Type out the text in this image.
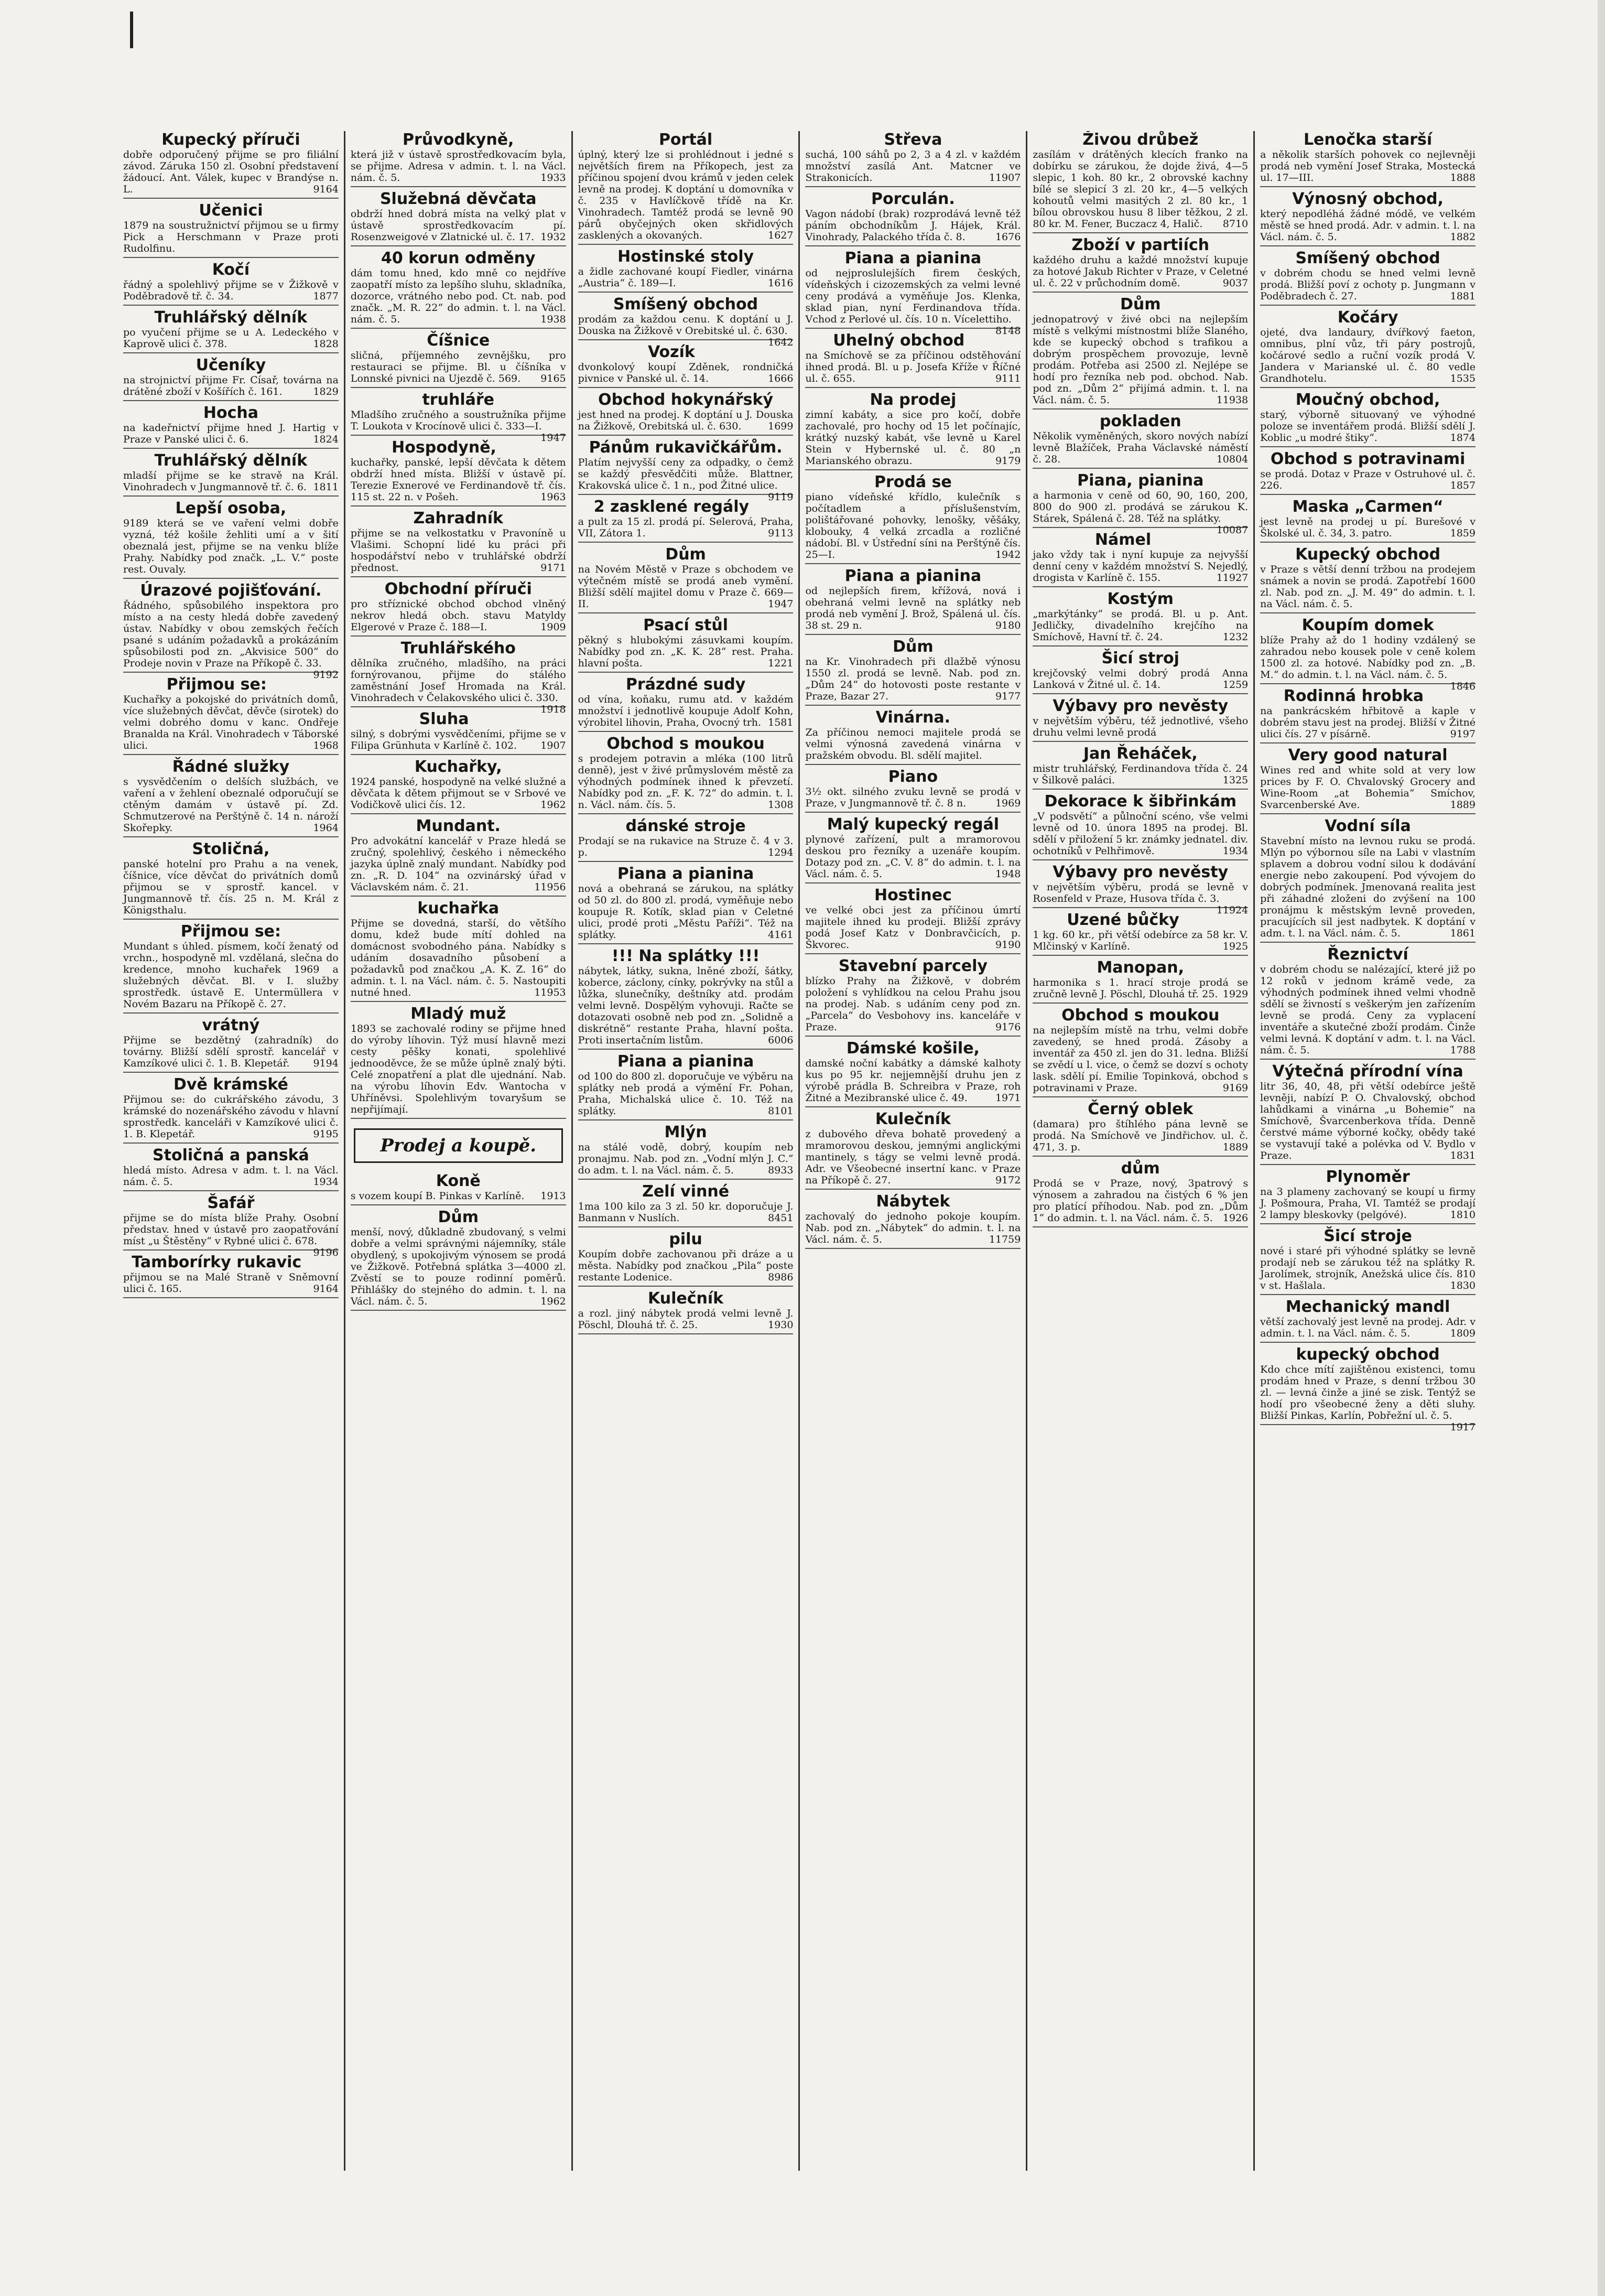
Kupecký příruči

dobře odporučený přijme se pro filiální závod. Záruka 150 zl. Osobní představení žádoucí. Ant. Válek, kupec v Brandýse n. L.	9164

Učenici

1879 na soustružnictví přijmou se u firmy Pick a Herschmann v Praze proti Rudolfinu.

Kočí

řádný a spolehlivý přijme se v Žižkově v Poděbradově tř. č. 34.	1877

Truhlářský dělník

po vyučení přijme se u A. Ledeckého v Kaprově ulici č. 378.	1828

Učeníky

na strojnictví přijme Fr. Císař, továrna na drátěné zboží v Košířích č. 161.	1829

Hocha

na kadeřnictví přijme hned J. Hartig v Praze v Panské ulici č. 6.	1824

Truhlářský dělník

mladší přijme se ke stravě na Král. Vinohradech v Jungmannově tř. č. 6. 1811

Lepší osoba,

9189 která se ve vaření velmi dobře vyzná, též košile žehliti umí a v šití obeznalá jest, přijme se na venku blíže Prahy. Nabídky pod značk. „L. V.“ poste rest. Ouvaly.

Úrazové pojišťování.

Řádného, spůsobilého inspektora pro místo a na cesty hledá dobře zavedený ústav. Nabídky v obou zemských řečích psané s udáním požadavků a prokázáním spůsobilosti pod zn. „Akvisice 500“ do Prodeje novin v Praze na Příkopě č. 33.
9192

Přijmou se:

Kuchařky a pokojské do privátních domů, více služebných děvčat, děvče (sirotek) do velmi dobrého domu v kanc. Ondřeje Branalda na Král. Vinohradech v Táborské ulici.	1968

Řádné služky

s vysvědčením o delších službách, ve vaření a v žehlení obeznalé odporučují se ctěným damám v ústavě pí. Zd. Schmutzerové na Perštýně č. 14 n. nároží Skořepky.	1964

Stoličná,

panské hotelní pro Prahu a na venek, číšnice, více děvčat do privátních domů přijmou se v sprostř. kancel. v Jungmannově tř. čís. 25 n. M. Král z Königsthalu.

Přijmou se:

Mundant s úhled. písmem, kočí ženatý od vrchn., hospodyně ml. vzdělaná, slečna do kredence, mnoho kuchařek 1969 a služebných děvčat. Bl. v I. služby sprostředk. ústavě E. Untermüllera v Novém Bazaru na Příkopě č. 27.

vrátný

Přijme se bezdětný (zahradník) do továrny. Bližší sdělí sprostř. kancelář v Kamzíkové ulici č. 1. B. Klepetář.	9194

Dvě krámské

Přijmou se: do cukrářského závodu, 3 krámské do nozenářského závodu v hlavní sprostředk. kanceláři v Kamzíkové ulici č. 1. B. Klepetář.	9195

Stoličná a panská

hledá místo. Adresa v adm. t. l. na Václ. nám. č. 5.	1934

Šafář

přijme se do místa blíže Prahy. Osobní představ. hned v ústavě pro zaopatřování míst „u Štěstěny“ v Rybné ulici č. 678.
9196

Tamborírky rukavic

přijmou se na Malé Straně v Sněmovní ulici č. 165.	9164

Průvodkyně,

která již v ústavě sprostředkovacím byla, se přijme. Adresa v admin. t. l. na Václ. nám. č. 5.	1933

Služebná děvčata

obdrží hned dobrá místa na velký plat v ústavě sprostředkovacím pí. Rosenzweigové v Zlatnické ul. č. 17. 1932

40 korun odměny

dám tomu hned, kdo mně co nejdříve zaopatří místo za lepšího sluhu, skladníka, dozorce, vrátného nebo pod. Ct. nab. pod značk. „M. R. 22“ do admin. t. l. na Václ. nám. č. 5.	1938

Číšnice

sličná, příjemného zevnějšku, pro restauraci se přijme. Bl. u číšníka v Lonnské pivnici na Ujezdě č. 569.	9165

truhláře

Mladšího zručného a soustružníka přijme T. Loukota v Krocínově ulici č. 333—I.
1947

Hospodyně,

kuchařky, panské, lepší děvčata k dětem obdrží hned místa. Bližší v ústavě pí. Terezie Exnerové ve Ferdinandově tř. čís. 115 st. 22 n. v Pošeh.	1963

Zahradník

přijme se na velkostatku v Pravoníně u Vlašimi. Schopní lidé ku práci při hospodářství nebo v truhlářské obdrží přednost.	9171

Obchodní příruči

pro stříznické obchod obchod vlněný nekrov hledá obch. stavu Matyldy Elgerové v Praze č. 188—I.	1909

Truhlářského

dělníka zručného, mladšího, na práci fornýrovanou, přijme do stálého zaměstnání Josef Hromada na Král. Vinohradech v Čelakovského ulici č. 330.
1918

Sluha

silný, s dobrými vysvědčeními, přijme se v Filipa Grünhuta v Karlíně č. 102.	1907

Kuchařky,

1924 panské, hospodyně na velké služné a děvčata k dětem přijmout se v Srbové ve Vodičkově ulici čís. 12.	1962

Mundant.

Pro advokátní kancelář v Praze hledá se zručný, spolehlivý, českého i německého jazyka úplně znalý mundant. Nabídky pod zn. „R. D. 104“ na ozvinárský úřad v Václavském nám. č. 21.	11956

kuchařka

Přijme se dovedná, starší, do většího domu, kdež bude mítí dohled na domácnost svobodného pána. Nabídky s udáním dosavadního působení a požadavků pod značkou „A. K. Z. 16“ do admin. t. l. na Václ. nám. č. 5. Nastoupiti nutné hned.	11953

Mladý muž

1893 se zachovalé rodiny se přijme hned do výroby líhovin. Týž musí hlavně mezi cesty pěšky konati, spolehlivé jednooděvce, že se může úplně znalý býti. Celé znopatření a plat dle ujednání. Nab. na výrobu líhovin Edv. Wantocha v Uhříněvsi. Spolehlivým tovaryšum se nepřijímají.

Prodej a koupě.

Koně

s vozem koupí B. Pinkas v Karlíně.	1913

Dům

menší, nový, důkladně zbudovaný, s velmi dobře a velmi správnými nájemníky, stále obydlený, s upokojivým výnosem se prodá ve Žižkově. Potřebná splátka 3—4000 zl. Zvěstí se to pouze rodinní poměrů. Přihlášky do stejného do admin. t. l. na Václ. nám. č. 5.	1962

Portál

úplný, který lze si prohlédnout i jedné s největších firem na Příkopech, jest za příčinou spojení dvou krámů v jeden celek levně na prodej. K doptání u domovníka v č. 235 v Havlíčkově třídě na Kr. Vinohradech. Tamtéž prodá se levně 90 párů obyčejných oken skřidlových zasklených a okovaných.	1627

Hostinské stoly

a židle zachované koupí Fiedler, vinárna „Austria“ č. 189—I.	1616

Smíšený obchod

prodám za každou cenu. K doptání u J. Douska na Žižkově v Orebitské ul. č. 630.
1642

Vozík

dvonkolový koupí Zděnek, rondničká pivnice v Panské ul. č. 14.	1666

Obchod hokynářský

jest hned na prodej. K doptání u J. Douska na Žižkově, Orebitská ul. č. 630.	1699

Pánům rukavičkářům.

Platím nejvyšší ceny za odpadky, o čemž se každý přesvědčiti může. Blattner, Krakovská ulice č. 1 n., pod Žitné ulice.
9119

2 zasklené regály

a pult za 15 zl. prodá pí. Selerová, Praha, VII, Zátora 1.	9113

Dům

na Novém Městě v Praze s obchodem ve výtečném místě se prodá aneb vymění. Bližší sdělí majitel domu v Praze č. 669—II.	1947

Psací stůl

pěkný s hlubokými zásuvkami koupím. Nabídky pod zn. „K. K. 28“ rest. Praha. hlavní pošta.	1221

Prázdné sudy

od vína, koňaku, rumu atd. v každém množství i jednotlivě koupuje Adolf Kohn, výrobitel lihovin, Praha, Ovocný trh. 1581

Obchod s moukou

s prodejem potravin a mléka (100 litrů denně), jest v živé průmyslovém městě za výhodných podmínek ihned k převzetí. Nabídky pod zn. „F. K. 72“ do admin. t. l. n. Václ. nám. čís. 5.	1308

dánské stroje

Prodají se na rukavice na Struze č. 4 v 3. p.	1294

Piana a pianina

nová a obehraná se zárukou, na splátky od 50 zl. do 800 zl. prodá, vyměňuje nebo koupuje R. Kotík, sklad pian v Celetné ulici, prodé proti „Městu Paříži“. Též na splátky.	4161

!!! Na splátky !!!

nábytek, látky, sukna, lněné zboží, šátky, koberce, záclony, cínky, pokrývky na stůl a lůžka, slunečníky, deštníky atd. prodám velmi levně. Dospělým vyhovuji. Račte se dotazovati osobně neb pod zn. „Solidně a diskrétně“ restante Praha, hlavní pošta. Proti insertačním listům.	6006

Piana a pianina

od 100 do 800 zl. doporučuje ve výběru na splátky neb prodá a výmění Fr. Pohan, Praha, Michalská ulice č. 10. Též na splátky.	8101

Mlýn

na stálé vodě, dobrý, koupím neb pronajmu. Nab. pod zn. „Vodní mlýn J. C.“ do adm. t. l. na Václ. nám. č. 5.	8933

Zelí vinné

1ma 100 kilo za 3 zl. 50 kr. doporučuje J. Banmann v Nuslích.	8451

pilu

Koupím dobře zachovanou při dráze a u města. Nabídky pod značkou „Pila“ poste restante Lodenice.	8986

Kulečník

a rozl. jiný nábytek prodá velmi levně J. Pöschl, Dlouhá tř. č. 25.	1930

Střeva

suchá, 100 sáhů po 2, 3 a 4 zl. v každém množství zasílá Ant. Matcner ve Strakonicích.	11907

Porculán.

Vagon nádobí (brak) rozprodává levně též páním obchodníkům J. Hájek, Král. Vinohrady, Palackého třída č. 8.	1676

Piana a pianina

od nejproslulejších firem českých, vídeňských i cizozemských za velmi levné ceny prodává a vyměňuje Jos. Klenka, sklad pian, nyní Ferdinandova třída. Vchod z Perlové ul. čís. 10 n. Vícelettiho.
8148

Uhelný obchod

na Smíchově se za příčinou odstěhování ihned prodá. Bl. u p. Josefa Kříže v Říčné ul. č. 655.	9111

Na prodej

zimní kabáty, a sice pro kočí, dobře zachovalé, pro hochy od 15 let počínajíc, krátký nuzský kabát, vše levně u Karel Stein v Hybernské ul. č. 80 „n Marianského obrazu.	9179

Prodá se

piano vídeňské křídlo, kulečník s počítadlem a příslušenstvím, polištářované pohovky, lenošky, věšáky, klobouky, 4 velká zrcadla a rozličné nádobí. Bl. v Ústřední síni na Perštýně čís. 25—I.	1942

Piana a pianina

od nejlepších firem, křížová, nová i obehraná velmi levně na splátky neb prodá neb vymění J. Brož, Spálená ul. čís. 38 st. 29 n.	9180

Dům

na Kr. Vinohradech při dlažbě výnosu 1550 zl. prodá se levně. Nab. pod zn. „Dům 24“ do hotovosti poste restante v Praze, Bazar 27.	9177

Vinárna.

Za příčinou nemoci majitele prodá se velmi výnosná zavedená vinárna v pražském obvodu. Bl. sdělí majitel.

Piano

3½ okt. silného zvuku levně se prodá v Praze, v Jungmannově tř. č. 8 n.	1969

Malý kupecký regál

plynové zařízení, pult a mramorovou deskou pro řezníky a uzenáře koupím. Dotazy pod zn. „C. V. 8“ do admin. t. l. na Václ. nám. č. 5.	1948

Hostinec

ve velké obci jest za příčinou úmrtí majitele ihned ku prodeji. Bližší zprávy podá Josef Katz v Donbravčicích, p. Škvorec.	9190

Stavební parcely

blízko Prahy na Žižkově, v dobrém položení s vyhlídkou na celou Prahu jsou na prodej. Nab. s udáním ceny pod zn. „Parcela“ do Vesbohovy ins. kanceláře v Praze.	9176

Dámské košile,

damské noční kabátky a dámské kalhoty kus po 95 kr. nejjemnější druhu jen z výrobě prádla B. Schreibra v Praze, roh Žitné a Mezibranské ulice č. 49.	1971

Kulečník

z dubového dřeva bohatě provedený a mramorovou deskou, jemnými anglickými mantinely, s tágy se velmi levně prodá. Adr. ve Všeobecné insertní kanc. v Praze na Příkopě č. 27.	9172

Nábytek

zachovalý do jednoho pokoje koupím. Nab. pod zn. „Nábytek“ do admin. t. l. na Václ. nám. č. 5.	11759

Živou drůbež

zasílám v drátěných klecích franko na dobírku se zárukou, že dojde živá, 4—5 slepic, 1 koh. 80 kr., 2 obrovské kachny bílé se slepicí 3 zl. 20 kr., 4—5 velkých kohoutů velmi masitých 2 zl. 80 kr., 1 bílou obrovskou husu 8 liber těžkou, 2 zl. 80 kr. M. Fener, Buczacz 4, Halič.	8710

Zboží v partiích

každého druhu a každé množství kupuje za hotové Jakub Richter v Praze, v Celetné ul. č. 22 v průchodním domě.	9037

Dům

jednopatrový v živé obci na nejlepším místě s velkými místnostmi blíže Slaného, kde se kupecký obchod s trafikou a dobrým prospěchem provozuje, levně prodám. Potřeba asi 2500 zl. Nejlépe se hodí pro řezníka neb pod. obchod. Nab. pod zn. „Dům 2“ přijímá admin. t. l. na Václ. nám. č. 5.	11938

pokladen

Několik vyměněných, skoro nových nabízí levně Blažíček, Praha Václavské náměstí č. 28.	10804

Piana, pianina

a harmonia v ceně od 60, 90, 160, 200, 800 do 900 zl. prodává se zárukou K. Stárek, Spálená č. 28. Též na splátky.
10087

Námel

jako vždy tak i nyní kupuje za nejvyšší denní ceny v každém množství S. Nejedlý, drogista v Karlíně č. 155.	11927

Kostým

„markýtánky“ se prodá. Bl. u p. Ant. Jedličky, divadelního krejčího na Smíchově, Havní tř. č. 24.	1232

Šicí stroj

krejčovský velmi dobrý prodá Anna Lanková v Žitné ul. č. 14.	1259

Výbavy pro nevěsty

v největším výběru, též jednotlivé, všeho druhu velmi levně prodá

Jan Řeháček,

mistr truhlářský, Ferdinandova třída č. 24 v Šilkově paláci.	1325

Dekorace k šibřinkám

„V podsvětí“ a půlnoční scéno, vše velmi levně od 10. února 1895 na prodej. Bl. sdělí v přiložení 5 kr. známky jednatel. div. ochotníků v Pelhřimově.	1934

Výbavy pro nevěsty

v největším výběru, prodá se levně v Rosenfeld v Praze, Husova třída č. 3.
11924

Uzené bůčky

1 kg. 60 kr., při větší odebírce za 58 kr. V. Mlčinský v Karlíně.	1925

Manopan,

harmonika s 1. hrací stroje prodá se zručně levně J. Pöschl, Dlouhá tř. 25. 1929

Obchod s moukou

na nejlepším místě na trhu, velmi dobře zavedený, se hned prodá. Zásoby a inventář za 450 zl. jen do 31. ledna. Bližší se zvědí u l. vice, o čemž se dozví s ochoty lask. sdělí pí. Emilie Topinková, obchod s potravinami v Praze.	9169

Černý oblek

(damara) pro štíhlého pána levně se prodá. Na Smíchově ve Jindřichov. ul. č. 471, 3. p.	1889

dům

Prodá se v Praze, nový, 3patrový s výnosem a zahradou na čistých 6 % jen pro platící příhodou. Nab. pod zn. „Dům 1“ do admin. t. l. na Václ. nám. č. 5.	1926

Lenočka starší

a několik starších pohovek co nejlevněji prodá neb vymění Josef Straka, Mostecká ul. 17—III.	1888

Výnosný obchod,

který nepodléhá žádné módě, ve velkém městě se hned prodá. Adr. v admin. t. l. na Václ. nám. č. 5.	1882

Smíšený obchod

v dobrém chodu se hned velmi levně prodá. Bližší poví z ochoty p. Jungmann v Poděbradech č. 27.	1881

Kočáry

ojeté, dva landaury, dvířkový faeton, omnibus, plní vůz, tři páry postrojů, kočárové sedlo a ruční vozík prodá V. Jandera v Marianské ul. č. 80 vedle Grandhotelu.	1535

Moučný obchod,

starý, výborně situovaný ve výhodné poloze se inventářem prodá. Bližší sdělí J. Koblic „u modré štiky“.	1874

Obchod s potravinami

se prodá. Dotaz v Praze v Ostruhové ul. č. 226.	1857

Maska „Carmen“

jest levně na prodej u pí. Burešové v Školské ul. č. 34, 3. patro.	1859

Kupecký obchod

v Praze s větší denní tržbou na prodejem snámek a novin se prodá. Zapotřebí 1600 zl. Nab. pod zn. „J. M. 49“ do admin. t. l. na Václ. nám. č. 5.

Koupím domek

blíže Prahy až do 1 hodiny vzdálený se zahradou nebo kousek pole v ceně kolem 1500 zl. za hotové. Nabídky pod zn. „B. M.“ do admin. t. l. na Václ. nám. č. 5.
1846

Rodinná hrobka

na pankrácském hřbitově a kaple v dobrém stavu jest na prodej. Bližší v Žitné ulici čís. 27 v písárně.	9197

Very good natural

Wines red and white sold at very low prices by F. O. Chvalovský Grocery and Wine-Room „at Bohemia“ Smíchov, Svarcenberské Ave.	1889

Vodní síla

Stavební místo na levnou ruku se prodá. Mlýn po výbornou síle na Labi v vlastním splavem a dobrou vodní silou k dodávání energie nebo zakoupení. Pod vývojem do dobrých podmínek. Jmenovaná realita jest při záhadné zloženi do zvýšení na 100 pronájmu k městským levně proveden, pracujících sil jest nadbytek. K doptání v adm. t. l. na Václ. nám. č. 5.	1861

Řeznictví

v dobrém chodu se nalézající, které již po 12 roků v jednom krámě vede, za výhodných podmínek ihned velmi vhodně sdělí se živností s veškerým jen zařízením levně se prodá. Ceny za vyplacení inventáře a skutečné zboží prodám. Činže velmi levná. K doptání v adm. t. l. na Václ. nám. č. 5.	1788

Výtečná přírodní vína

litr 36, 40, 48, při větší odebírce ještě levněji, nabízí P. O. Chvalovský, obchod lahůdkami a vinárna „u Bohemie“ na Smíchově, Švarcenberkova třída. Denně čerstvé máme výborné kočky, obědy také se vystavují také a polévka od V. Bydlo v Praze.	1831

Plynoměr

na 3 plameny zachovaný se koupí u firmy J. Pošmoura, Praha, VI. Tamtéž se prodají 2 lampy bleskovky (pelgóvé).	1810

Šicí stroje

nové i staré při výhodné splátky se levně prodají neb se zárukou též na splátky R. Jarolímek, strojník, Anežská ulice čís. 810 v st. Hašlala.	1830

Mechanický mandl

větší zachovalý jest levně na prodej. Adr. v admin. t. l. na Václ. nám. č. 5.	1809

kupecký obchod

Kdo chce mítí zajištěnou existenci, tomu prodám hned v Praze, s denní tržbou 30 zl. — levná činže a jiné se zisk. Tentýž se hodí pro všeobecné ženy a děti sluhy. Bližší Pinkas, Karlín, Pobřežní ul. č. 5.
1917
